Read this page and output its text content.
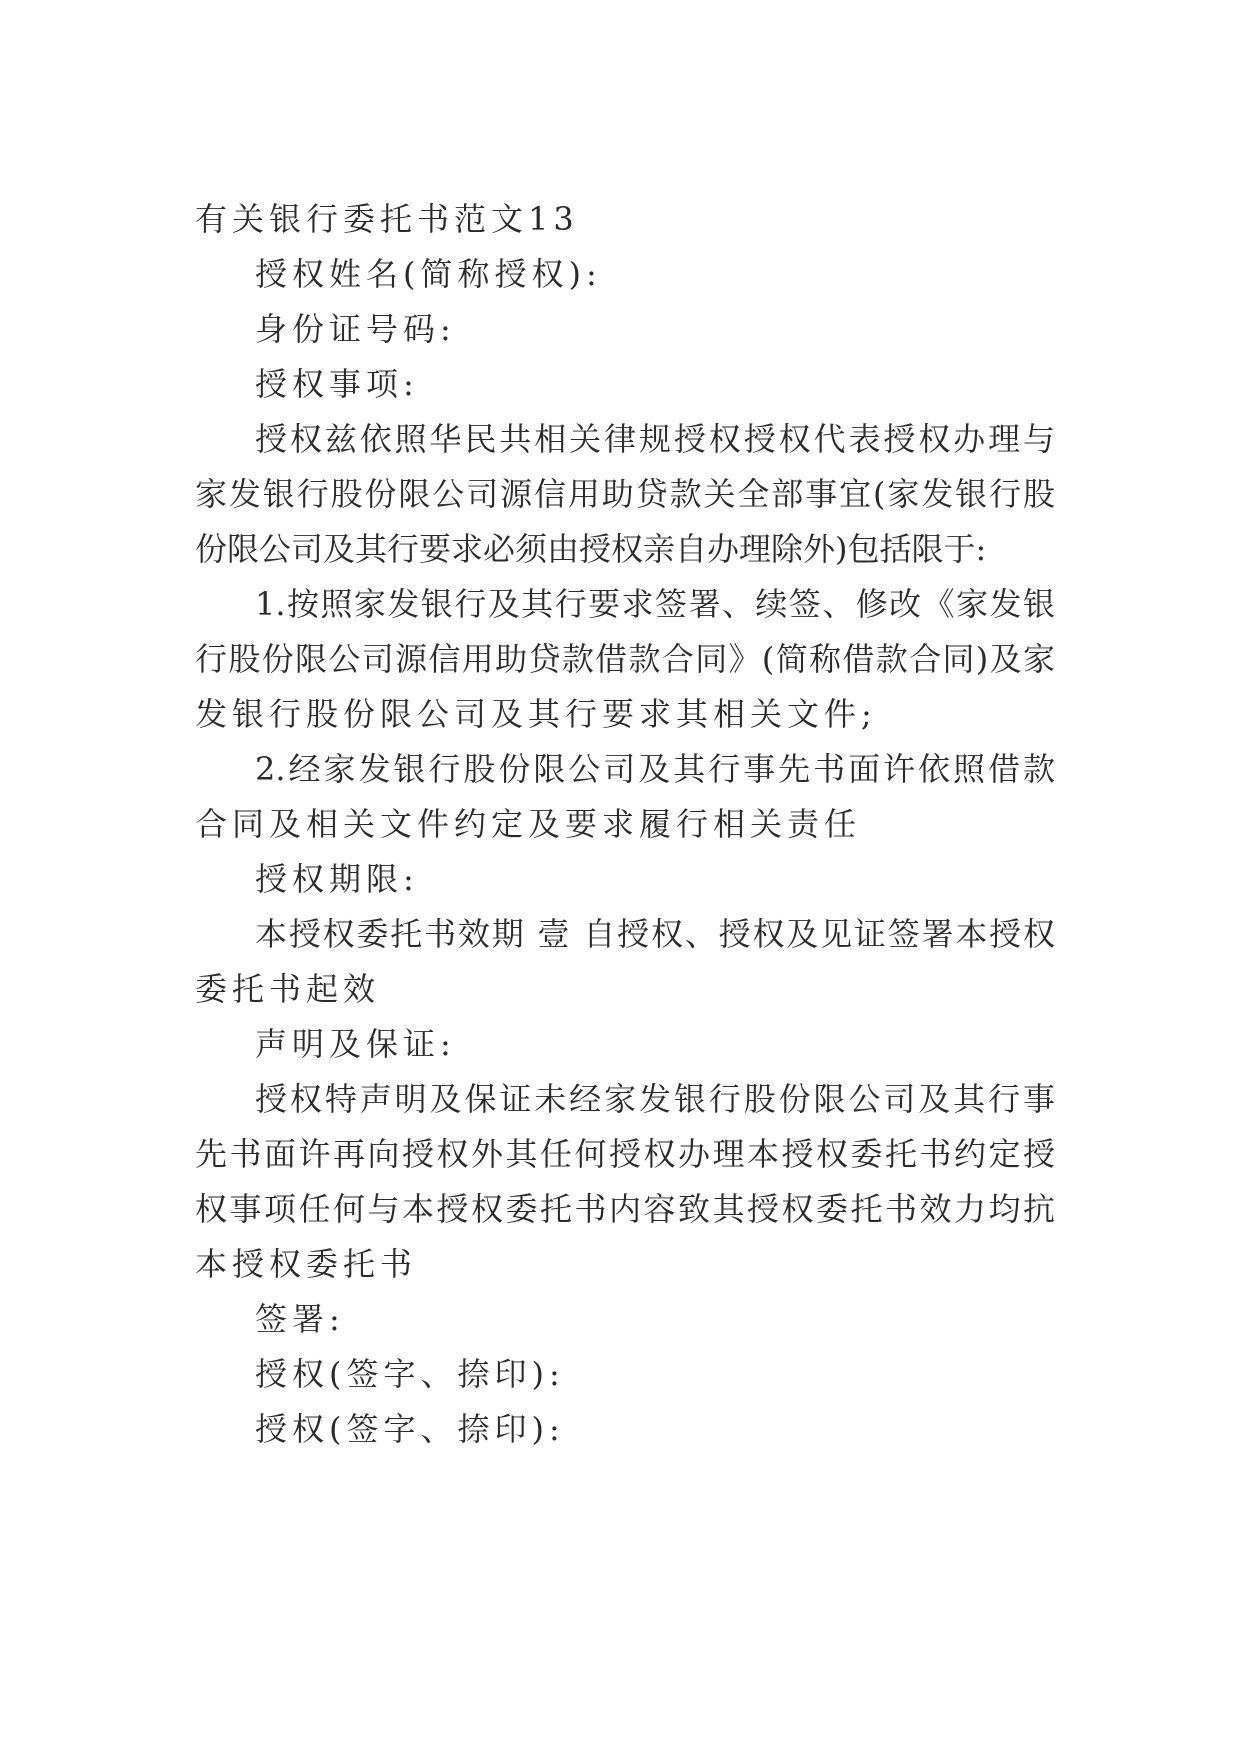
有关银行委托书范文13
授权姓名(简称授权):
身份证号码:
授权事项:
授权兹依照华民共相关律规授权授权代表授权办理与
家发银行股份限公司源信用助贷款关全部事宜(家发银行股
份限公司及其行要求必须由授权亲自办理除外)包括限于:
1.按照家发银行及其行要求签署、续签、修改《家发银
行股份限公司源信用助贷款借款合同》(简称借款合同)及家
发银行股份限公司及其行要求其相关文件;
2.经家发银行股份限公司及其行事先书面许依照借款
合同及相关文件约定及要求履行相关责任
授权期限:
本授权委托书效期 壹 自授权、授权及见证签署本授权
委托书起效
声明及保证:
授权特声明及保证未经家发银行股份限公司及其行事
先书面许再向授权外其任何授权办理本授权委托书约定授
权事项任何与本授权委托书内容致其授权委托书效力均抗
本授权委托书
签署:
授权(签字、捺印):
授权(签字、捺印):
